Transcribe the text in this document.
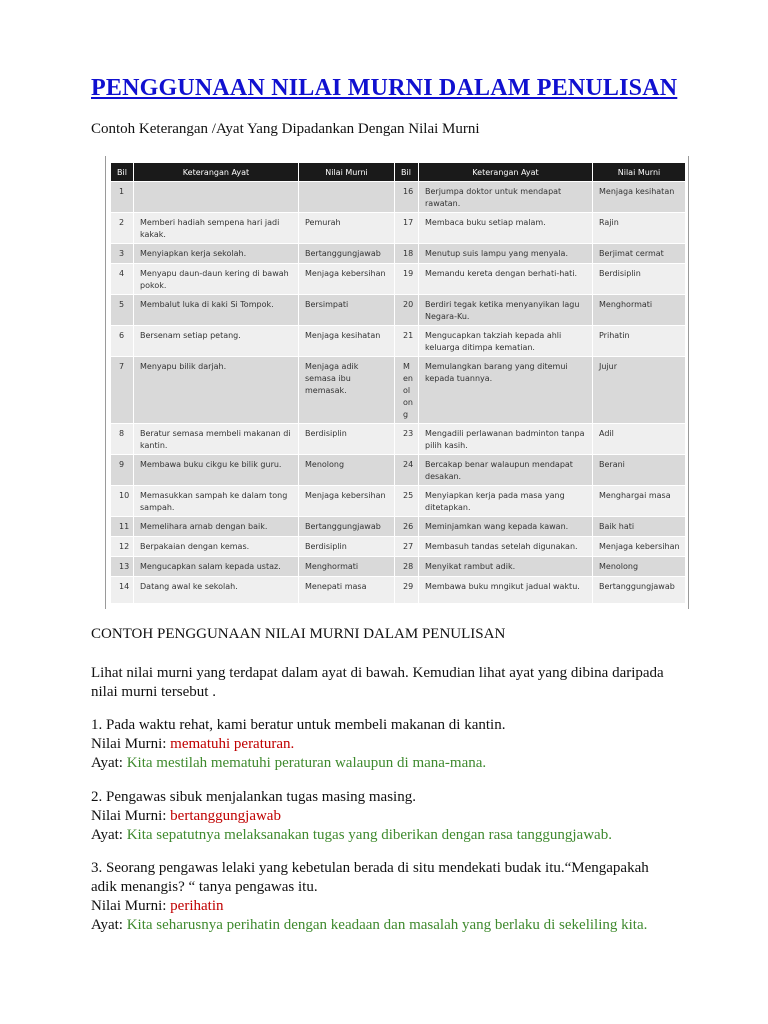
PENGGUNAAN NILAI MURNI DALAM PENULISAN
Contoh Keterangan /Ayat Yang Dipadankan Dengan Nilai Murni
Bil	Keterangan Ayat	Nilai Murni	Bil	Keterangan Ayat	Nilai Murni
1			16	Berjumpa doktor untuk mendapat rawatan.	Menjaga kesihatan
2	Memberi hadiah sempena hari jadi kakak.	Pemurah	17	Membaca buku setiap malam.	Rajin
3	Menyiapkan kerja sekolah.	Bertanggungjawab	18	Menutup suis lampu yang menyala.	Berjimat cermat
4	Menyapu daun-daun kering di bawah pokok.	Menjaga kebersihan	19	Memandu kereta dengan berhati-hati.	Berdisiplin
5	Membalut luka di kaki Si Tompok.	Bersimpati	20	Berdiri tegak ketika menyanyikan lagu Negara-Ku.	Menghormati
6	Bersenam setiap petang.	Menjaga kesihatan	21	Mengucapkan takziah kepada ahli keluarga ditimpa kematian.	Prihatin
7	Menyapu bilik darjah.	Menjaga adik semasa ibu memasak.	M en ol on g	Memulangkan barang yang ditemui kepada tuannya.	Jujur
8	Beratur semasa membeli makanan di kantin.	Berdisiplin	23	Mengadili perlawanan badminton tanpa pilih kasih.	Adil
9	Membawa buku cikgu ke bilik guru.	Menolong	24	Bercakap benar walaupun mendapat desakan.	Berani
10	Memasukkan sampah ke dalam tong sampah.	Menjaga kebersihan	25	Menyiapkan kerja pada masa yang ditetapkan.	Menghargai masa
11	Memelihara arnab dengan baik.	Bertanggungjawab	26	Meminjamkan wang kepada kawan.	Baik hati
12	Berpakaian dengan kemas.	Berdisiplin	27	Membasuh tandas setelah digunakan.	Menjaga kebersihan
13	Mengucapkan salam kepada ustaz.	Menghormati	28	Menyikat rambut adik.	Menolong
14	Datang awal ke sekolah.	Menepati masa	29	Membawa buku mngikut jadual waktu.	Bertanggungjawab
CONTOH PENGGUNAAN NILAI MURNI DALAM PENULISAN
Lihat nilai murni yang terdapat dalam ayat di bawah. Kemudian lihat ayat yang dibina daripada
nilai murni tersebut .
1. Pada waktu rehat, kami beratur untuk membeli makanan di kantin.
Nilai Murni: mematuhi peraturan.
Ayat: Kita mestilah mematuhi peraturan walaupun di mana-mana.
2. Pengawas sibuk menjalankan tugas masing masing.
Nilai Murni: bertanggungjawab
Ayat: Kita sepatutnya melaksanakan tugas yang diberikan dengan rasa tanggungjawab.
3. Seorang pengawas lelaki yang kebetulan berada di situ mendekati budak itu.“Mengapakah
adik menangis? “ tanya pengawas itu.
Nilai Murni: perihatin
Ayat: Kita seharusnya perihatin dengan keadaan dan masalah yang berlaku di sekeliling kita.
